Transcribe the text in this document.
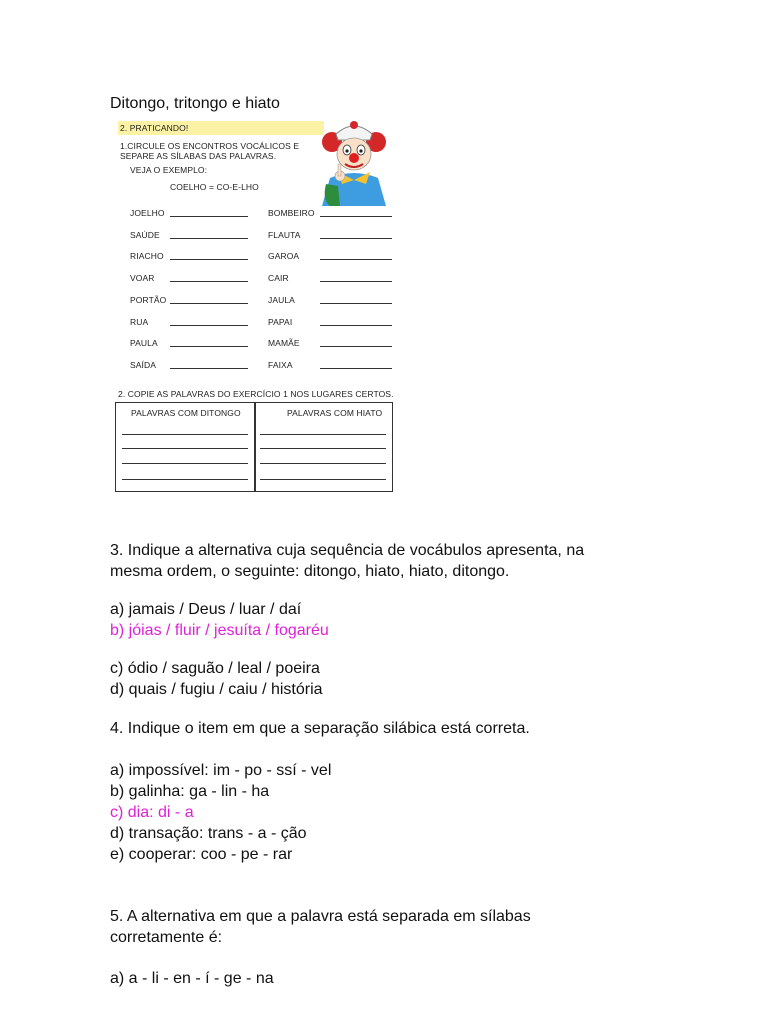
Ditongo, tritongo e hiato
2. PRATICANDO!
1.CIRCULE OS ENCONTROS VOCÁLICOS E
SEPARE AS SÍLABAS DAS PALAVRAS.
VEJA O EXEMPLO:
COELHO = CO-E-LHO
2. COPIE AS PALAVRAS DO EXERCÍCIO 1 NOS LUGARES CERTOS.
PALAVRAS COM DITONGO	PALAVRAS COM HIATO
JOELHO
SAÚDE
RIACHO
VOAR
PORTÃO
RUA
PAULA
SAÍDA
BOMBEIRO
FLAUTA
GAROA
CAIR
JAULA
PAPAI
MAMÃE
FAIXA
3. Indique a alternativa cuja sequência de vocábulos apresenta, na
mesma ordem, o seguinte: ditongo, hiato, hiato, ditongo.
a) jamais / Deus / luar / daí
b) jóias / fluir / jesuíta / fogaréu
c) ódio / saguão / leal / poeira
d) quais / fugiu / caiu / história
4. Indique o item em que a separação silábica está correta.
a) impossível: im - po - ssí - vel
b) galinha: ga - lin - ha
c) dia: di - a
d) transação: trans - a - ção
e) cooperar: coo - pe - rar
5. A alternativa em que a palavra está separada em sílabas
corretamente é:
a) a - li - en - í - ge - na
